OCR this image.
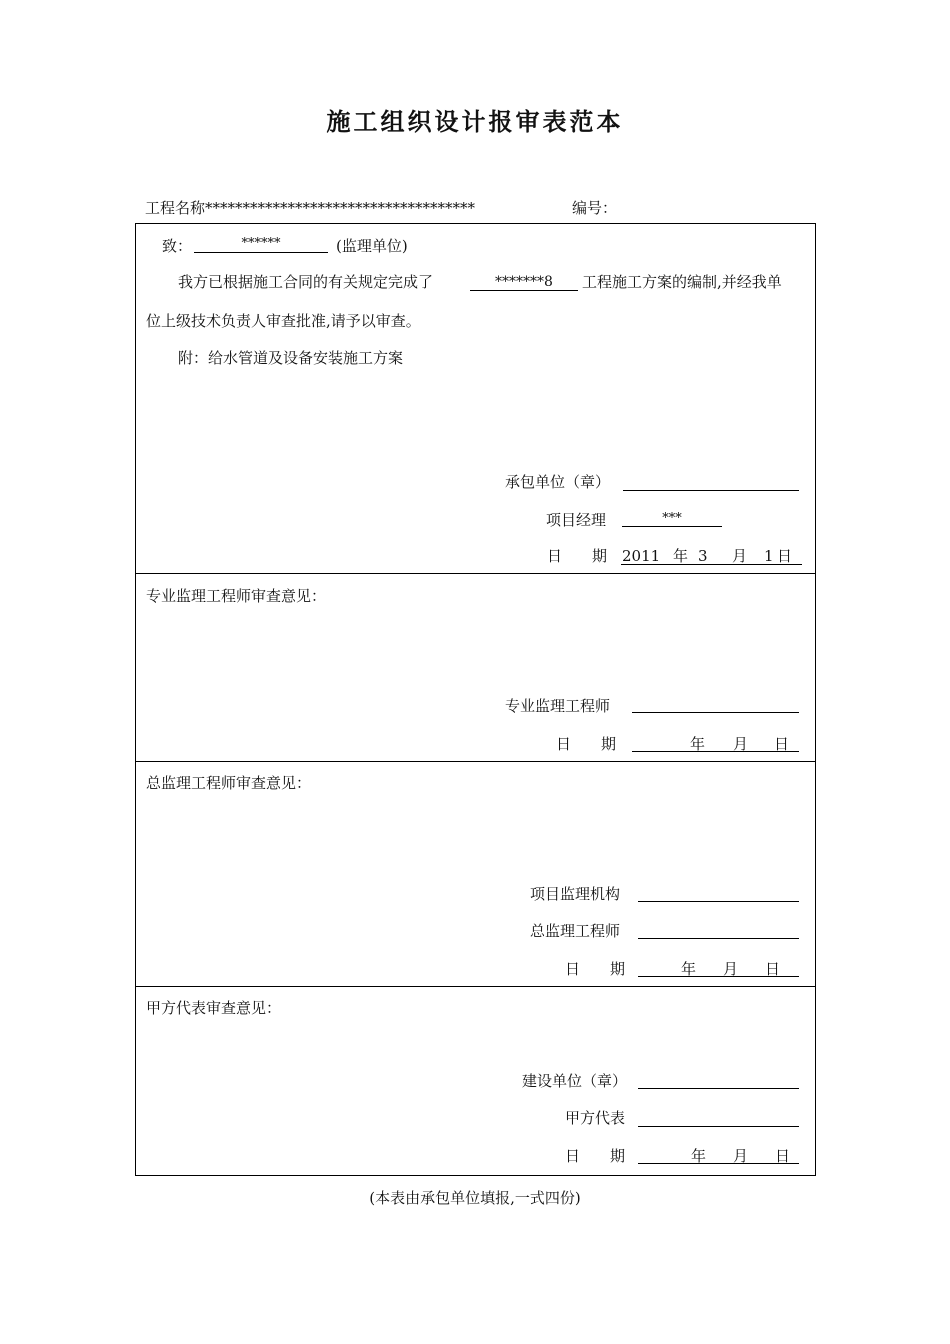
施工组织设计报审表范本
工程名称************************************	编号：
致：	******	(监理单位)
我方已根据施工合同的有关规定完成了	*******8	工程施工方案的编制,并经我单
位上级技术负责人审查批准,请予以审查。
附：给水管道及设备安装施工方案
承包单位（章）
项目经理	***
日　　期 2011 年 3 月 1 日
专业监理工程师审查意见：
专业监理工程师
日　　期	年 月 日
总监理工程师审查意见：
项目监理机构
总监理工程师
日　　期	年 月 日
甲方代表审查意见：
建设单位（章）
甲方代表
日　　期	年 月 日
(本表由承包单位填报,一式四份)
